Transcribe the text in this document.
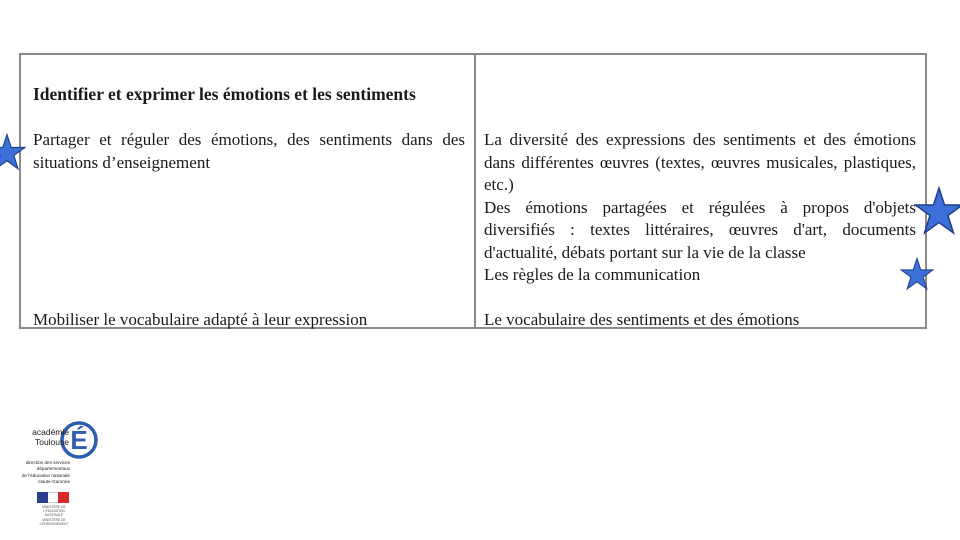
Identifier et exprimer les émotions et les sentiments
Partager et réguler des émotions, des sentiments dans des situations d’enseignement
Mobiliser le vocabulaire adapté à leur expression
La diversité des expressions des sentiments et des émotions dans différentes œuvres (textes, œuvres musicales, plastiques, etc.)
Des émotions partagées et régulées à propos d'objets diversifiés : textes littéraires, œuvres d'art, documents d'actualité, débats portant sur la vie de la classe
Les règles de la communication
Le vocabulaire des sentiments et des émotions
É
académie
Toulouse
direction des services
départementaux
de l'éducation nationale
Haute-Garonne
MINISTÈRE DE L'ÉDUCATION NATIONALE
MINISTÈRE DE L'ENSEIGNEMENT
